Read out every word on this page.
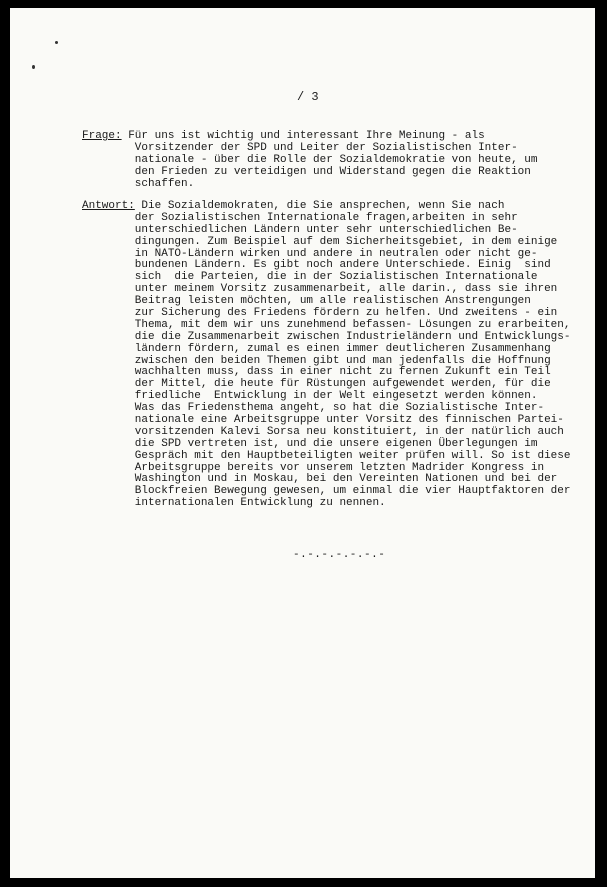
/ 3
Frage: Für uns ist wichtig und interessant Ihre Meinung - als
Vorsitzender der SPD und Leiter der Sozialistischen Inter-
nationale - über die Rolle der Sozialdemokratie von heute, um
den Frieden zu verteidigen und Widerstand gegen die Reaktion
schaffen.
Antwort: Die Sozialdemokraten, die Sie ansprechen, wenn Sie nach
der Sozialistischen Internationale fragen,arbeiten in sehr
unterschiedlichen Ländern unter sehr unterschiedlichen Be-
dingungen. Zum Beispiel auf dem Sicherheitsgebiet, in dem einige
in NATO-Ländern wirken und andere in neutralen oder nicht ge-
bundenen Ländern. Es gibt noch andere Unterschiede. Einig  sind
sich  die Parteien, die in der Sozialistischen Internationale
unter meinem Vorsitz zusammenarbeit, alle darin., dass sie ihren
Beitrag leisten möchten, um alle realistischen Anstrengungen
zur Sicherung des Friedens fördern zu helfen. Und zweitens - ein
Thema, mit dem wir uns zunehmend befassen- Lösungen zu erarbeiten,
die die Zusammenarbeit zwischen Industrieländern und Entwicklungs-
ländern fördern, zumal es einen immer deutlicheren Zusammenhang
zwischen den beiden Themen gibt und man jedenfalls die Hoffnung
wachhalten muss, dass in einer nicht zu fernen Zukunft ein Teil
der Mittel, die heute für Rüstungen aufgewendet werden, für die
friedliche  Entwicklung in der Welt eingesetzt werden können.
Was das Friedensthema angeht, so hat die Sozialistische Inter-
nationale eine Arbeitsgruppe unter Vorsitz des finnischen Partei-
vorsitzenden Kalevi Sorsa neu konstituiert, in der natürlich auch
die SPD vertreten ist, und die unsere eigenen Überlegungen im
Gespräch mit den Hauptbeteiligten weiter prüfen will. So ist diese
Arbeitsgruppe bereits vor unserem letzten Madrider Kongress in
Washington und in Moskau, bei den Vereinten Nationen und bei der
Blockfreien Bewegung gewesen, um einmal die vier Hauptfaktoren der
internationalen Entwicklung zu nennen.
-.-.-.-.-.-.-
